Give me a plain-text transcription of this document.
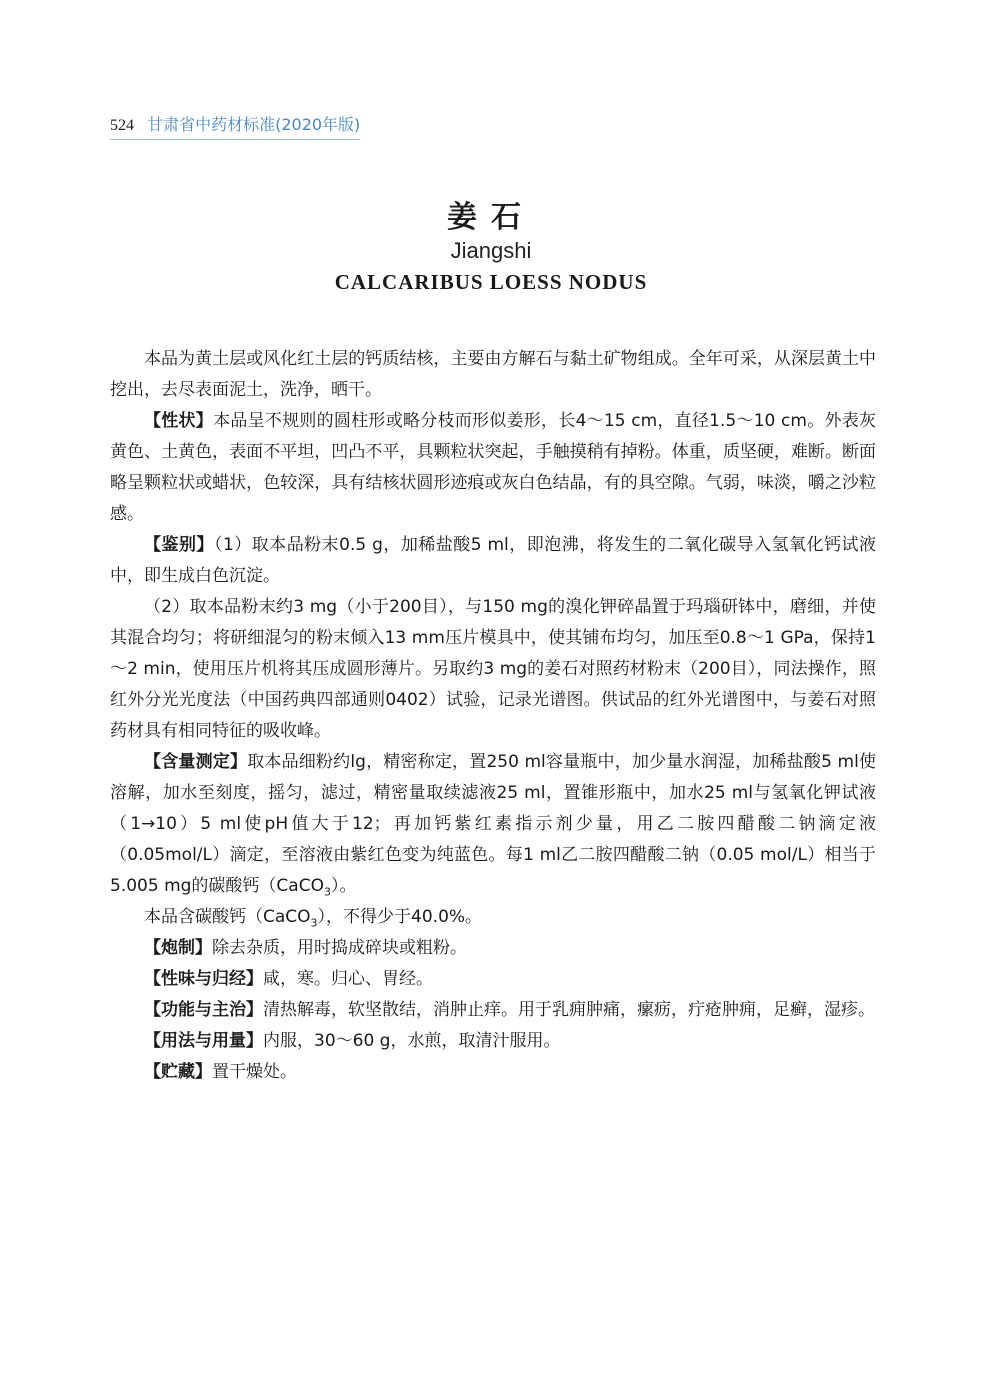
524 甘肃省中药材标准(2020年版)
姜石
Jiangshi
CALCARIBUS LOESS NODUS

本品为黄土层或风化红土层的钙质结核，主要由方解石与黏土矿物组成。全年可采，从深层黄土中挖出，去尽表面泥土，洗净，晒干。

【性状】本品呈不规则的圆柱形或略分枝而形似姜形，长4～15 cm，直径1.5～10 cm。外表灰黄色、土黄色，表面不平坦，凹凸不平，具颗粒状突起，手触摸稍有掉粉。体重，质坚硬，难断。断面略呈颗粒状或蜡状，色较深，具有结核状圆形迹痕或灰白色结晶，有的具空隙。气弱，味淡，嚼之沙粒感。

【鉴别】（1）取本品粉末0.5 g，加稀盐酸5 ml，即泡沸，将发生的二氧化碳导入氢氧化钙试液中，即生成白色沉淀。

（2）取本品粉末约3 mg（小于200目），与150 mg的溴化钾碎晶置于玛瑙研钵中，磨细，并使其混合均匀；将研细混匀的粉末倾入13 mm压片模具中，使其铺布均匀，加压至0.8～1 GPa，保持1～2 min，使用压片机将其压成圆形薄片。另取约3 mg的姜石对照药材粉末（200目），同法操作，照红外分光光度法（中国药典四部通则0402）试验，记录光谱图。供试品的红外光谱图中，与姜石对照药材具有相同特征的吸收峰。

【含量测定】取本品细粉约lg，精密称定，置250 ml容量瓶中，加少量水润湿，加稀盐酸5 ml使溶解，加水至刻度，摇匀，滤过，精密量取续滤液25 ml，置锥形瓶中，加水25 ml与氢氧化钾试液（1→10）5 ml使pH值大于12；再加钙紫红素指示剂少量，用乙二胺四醋酸二钠滴定液（0.05mol/L）滴定，至溶液由紫红色变为纯蓝色。每1 ml乙二胺四醋酸二钠（0.05 mol/L）相当于5.005 mg的碳酸钙（CaCO$_3$）。

本品含碳酸钙（CaCO$_3$），不得少于40.0%。

【炮制】除去杂质，用时捣成碎块或粗粉。

【性味与归经】咸，寒。归心、胃经。

【功能与主治】清热解毒，软坚散结，消肿止痒。用于乳痈肿痛，瘰疬，疔疮肿痈，足癣，湿疹。

【用法与用量】内服，30～60 g，水煎，取清汁服用。

【贮藏】置干燥处。
